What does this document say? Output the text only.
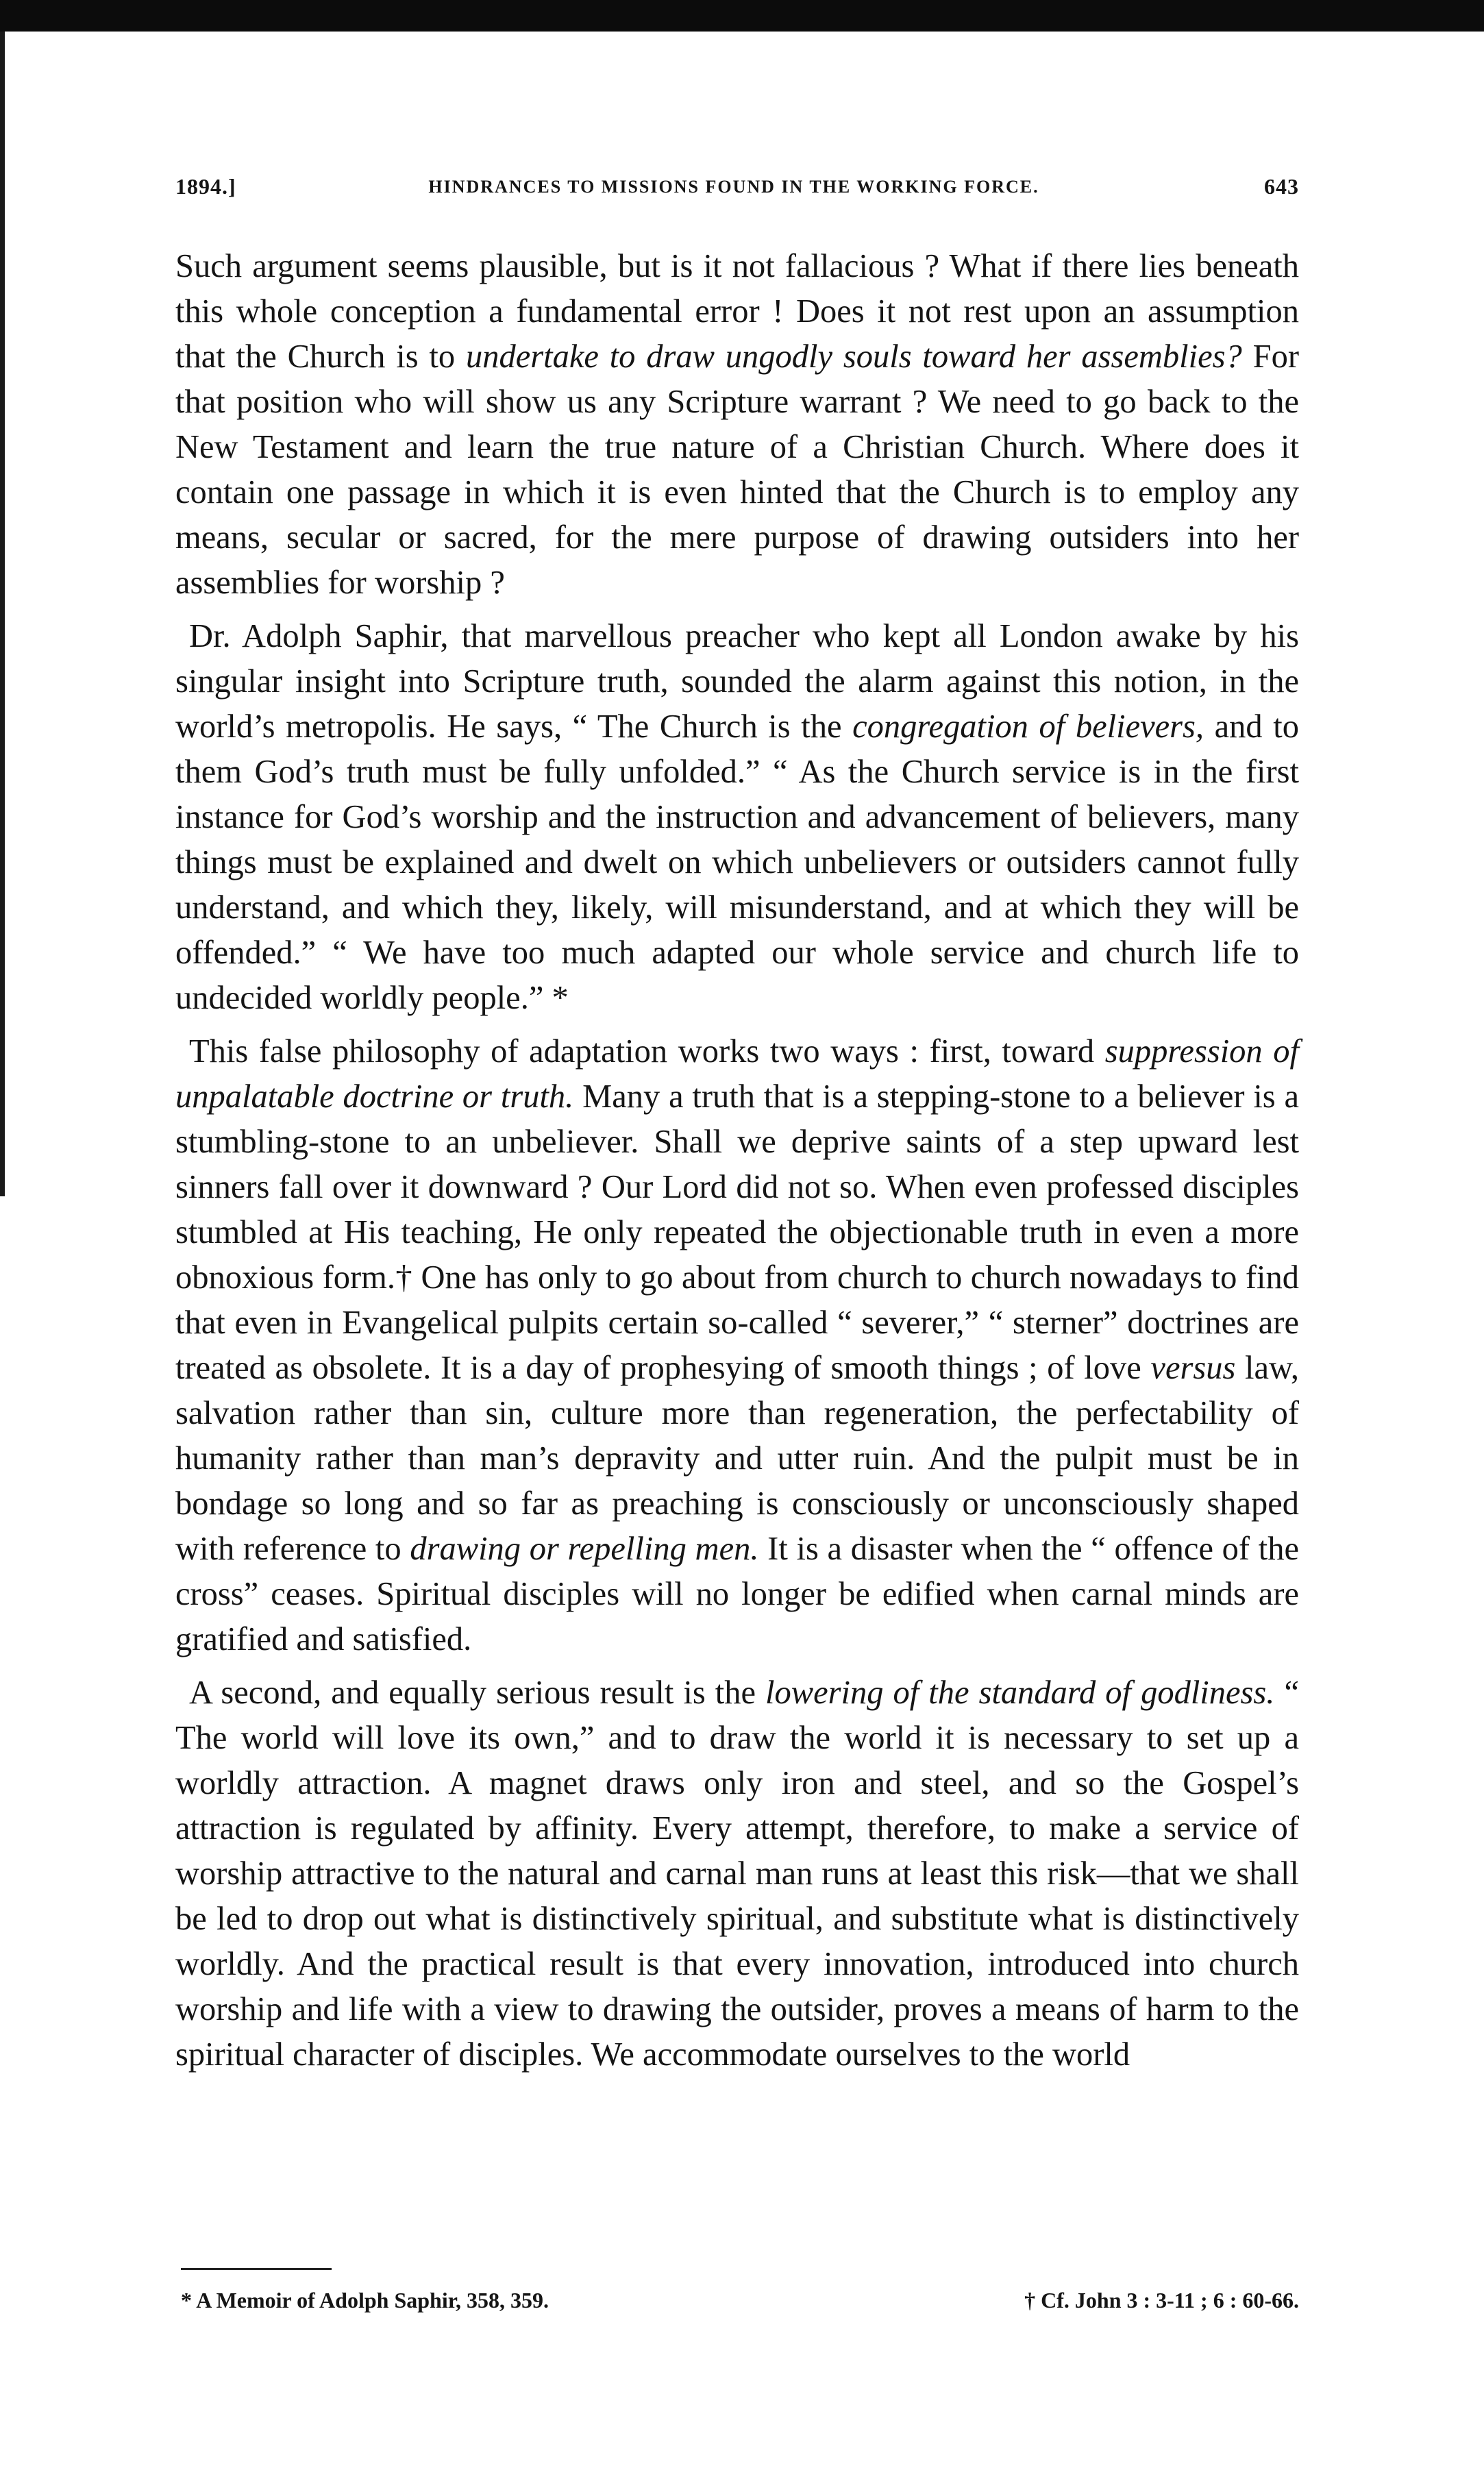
1894.]	HINDRANCES TO MISSIONS FOUND IN THE WORKING FORCE.	643

Such argument seems plausible, but is it not fallacious ? What if there lies beneath this whole conception a fundamental error ! Does it not rest upon an assumption that the Church is to undertake to draw ungodly souls toward her assemblies? For that position who will show us any Scripture warrant ? We need to go back to the New Testament and learn the true nature of a Christian Church. Where does it contain one passage in which it is even hinted that the Church is to employ any means, secular or sacred, for the mere purpose of drawing outsiders into her assemblies for worship ?

Dr. Adolph Saphir, that marvellous preacher who kept all London awake by his singular insight into Scripture truth, sounded the alarm against this notion, in the world’s metropolis. He says, “ The Church is the congregation of believers, and to them God’s truth must be fully unfolded.” “ As the Church service is in the first instance for God’s worship and the instruction and advancement of believers, many things must be explained and dwelt on which unbelievers or outsiders cannot fully understand, and which they, likely, will misunderstand, and at which they will be offended.” “ We have too much adapted our whole service and church life to undecided worldly people.” *

This false philosophy of adaptation works two ways : first, toward suppression of unpalatable doctrine or truth. Many a truth that is a stepping-stone to a believer is a stumbling-stone to an unbeliever. Shall we deprive saints of a step upward lest sinners fall over it downward ? Our Lord did not so. When even professed disciples stumbled at His teaching, He only repeated the objectionable truth in even a more obnoxious form.† One has only to go about from church to church nowadays to find that even in Evangelical pulpits certain so-called “ severer,” “ sterner” doctrines are treated as obsolete. It is a day of prophesying of smooth things ; of love versus law, salvation rather than sin, culture more than regeneration, the perfectability of humanity rather than man’s depravity and utter ruin. And the pulpit must be in bondage so long and so far as preaching is consciously or unconsciously shaped with reference to drawing or repelling men. It is a disaster when the “ offence of the cross” ceases. Spiritual disciples will no longer be edified when carnal minds are gratified and satisfied.

A second, and equally serious result is the lowering of the standard of godliness. “ The world will love its own,” and to draw the world it is necessary to set up a worldly attraction. A magnet draws only iron and steel, and so the Gospel’s attraction is regulated by affinity. Every attempt, therefore, to make a service of worship attractive to the natural and carnal man runs at least this risk—that we shall be led to drop out what is distinctively spiritual, and substitute what is distinctively worldly. And the practical result is that every innovation, introduced into church worship and life with a view to drawing the outsider, proves a means of harm to the spiritual character of disciples. We accommodate ourselves to the world

* A Memoir of Adolph Saphir, 358, 359.	† Cf. John 3 : 3-11 ; 6 : 60-66.
